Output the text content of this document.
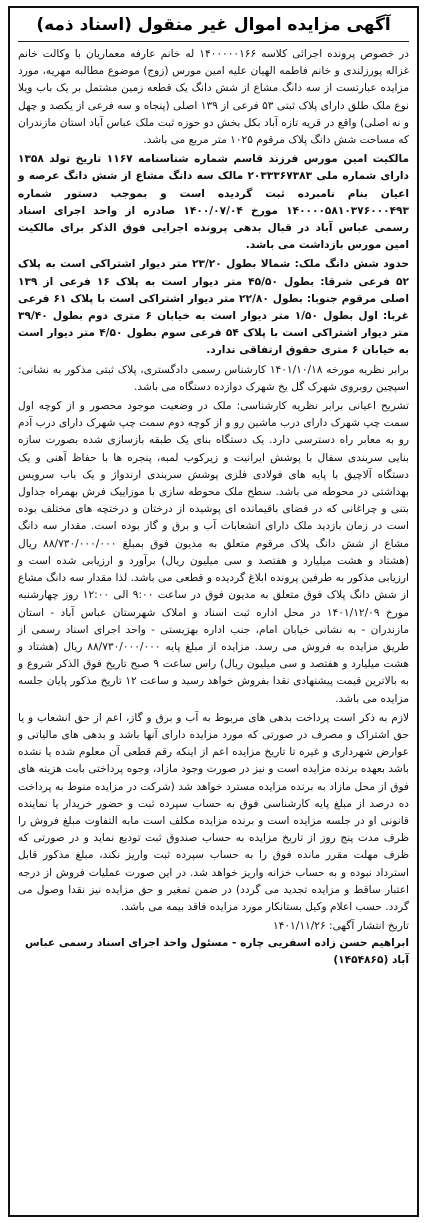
آگهی مزایده اموال غیر منقول (اسناد ذمه)

در خصوص پرونده اجرائی کلاسه ۱۴۰۰۰۰۰۱۶۶ له خانم عارفه معماریان با وکالت خانم غزاله پورزلندی و خانم فاطمه الهیان علیه امین مورس (زوج) موضوع مطالبه مهریه، مورد مزایده عبارتست از سه دانگ مشاع از شش دانگ یک قطعه زمین مشتمل بر یک باب ویلا نوع ملک طلق دارای پلاک ثبتی ۵۳ فرعی از ۱۳۹ اصلی (پنجاه و سه فرعی از یکصد و چهل و نه اصلی) واقع در قریه تازه آباد بکل بخش دو حوزه ثبت ملک عباس آباد استان مازندران که مساحت شش دانگ پلاک مرقوم ۱۰۲۵ متر مربع می باشد.

مالکیت امین مورس فرزند قاسم شماره شناسنامه ۱۱۶۷ تاریخ تولد ۱۳۵۸ دارای شماره ملی ۲۰۳۳۳۶۷۳۸۳ مالک سه دانگ مشاع از شش دانگ عرصه و اعیان بنام نامبرده ثبت گردیده است و بموجب دستور شماره ۱۴۰۰۰۰۵۸۱۰۳۷۶۰۰۰۴۹۳ مورخ ۱۴۰۰/۰۷/۰۴ صادره از واحد اجرای اسناد رسمی عباس آباد در قبال بدهی پرونده اجرایی فوق الذکر برای مالکیت امین مورس بازداشت می باشد.

حدود شش دانگ ملک: شمالا بطول ۲۳/۲۰ متر دیوار اشتراکی است به پلاک ۵۲ فرعی شرقا: بطول ۴۵/۵۰ متر دیوار است به پلاک ۱۶ فرعی از ۱۳۹ اصلی مرقوم جنوبا: بطول ۲۲/۸۰ متر دیوار اشتراکی است با پلاک ۶۱ فرعی غربا: اول بطول ۱/۵۰ متر دیوار است به خیابان ۶ متری دوم بطول ۳۹/۴۰ متر دیوار اشتراکی است با پلاک ۵۴ فرعی سوم بطول ۴/۵۰ متر دیوار است به خیابان ۶ متری حقوق ارتفاقی ندارد.

برابر نظریه مورخه ۱۴۰۱/۱۰/۱۸ کارشناس رسمی دادگستری، پلاک ثبتی مذکور به نشانی: اسپچین روبروی شهرک گل یخ شهرک دوازده دستگاه می باشد.

تشریح اعیانی برابر نظریه کارشناسی: ملک در وضعیت موجود محصور و از کوچه اول سمت چپ شهرک دارای درب ماشین رو و از کوچه دوم سمت چپ شهرک دارای درب آدم رو به معابر راه دسترسی دارد. یک دستگاه بنای یک طبقه بازسازی شده بصورت سازه بنایی سربندی سفال با پوشش ایرانیت و زیرکوب لمبه، پنجره ها با حفاظ آهنی و یک دستگاه آلاچیق با پایه های فولادی فلزی پوشش سربندی ارندواژ و یک باب سرویس بهداشتی در محوطه می باشد. سطح ملک محوطه سازی با موزاییک فرش بهمراه جداول بتنی و چراغانی که در فضای باقیمانده ای پوشیده از درختان و درختچه های مختلف بوده است در زمان بازدید ملک دارای انشعابات آب و برق و گاز بوده است. مقدار سه دانگ مشاع از شش دانگ پلاک مرقوم متعلق به مدیون فوق بمبلغ ۸۸/۷۳۰/۰۰۰/۰۰۰ ریال (هشتاد و هشت میلیارد و هفتصد و سی میلیون ریال) برآورد و ارزیابی شده است و ارزیابی مذکور به طرفین پرونده ابلاغ گردیده و قطعی می باشد. لذا مقدار سه دانگ مشاع از شش دانگ پلاک فوق متعلق به مدیون فوق در ساعت ۹:۰۰ الی ۱۲:۰۰ روز چهارشنبه مورخ ۱۴۰۱/۱۲/۰۹ در محل اداره ثبت اسناد و املاک شهرستان عباس آباد - استان مازندران - به نشانی خیابان امام، جنب اداره بهزیستی - واحد اجرای اسناد رسمی از طریق مزایده به فروش می رسد. مزایده از مبلغ پایه ۸۸/۷۳۰/۰۰۰/۰۰۰ ریال (هشتاد و هشت میلیارد و هفتصد و سی میلیون ریال) راس ساعت ۹ صبح تاریخ فوق الذکر شروع و به بالاترین قیمت پیشنهادی نقدا بفروش خواهد رسید و ساعت ۱۲ تاریخ مذکور پایان جلسه مزایده می باشد.

لازم به ذکر است پرداخت بدهی های مربوط به آب و برق و گاز، اعم از حق انشعاب و یا حق اشتراک و مصرف در صورتی که مورد مزایده دارای آنها باشد و بدهی های مالیاتی و عوارض شهرداری و غیره تا تاریخ مزایده اعم از اینکه رقم قطعی آن معلوم شده یا نشده باشد بعهده برنده مزایده است و نیز در صورت وجود مازاد، وجوه پرداختی بابت هزینه های فوق از محل مازاد به برنده مزایده مسترد خواهد شد (شرکت در مزایده منوط به پرداخت ده درصد از مبلغ پایه کارشناسی فوق به حساب سپرده ثبت و حضور خریدار یا نماینده قانونی او در جلسه مزایده است و برنده مزایده مکلف است مابه التفاوت مبلغ فروش را ظرف مدت پنج روز از تاریخ مزایده به حساب صندوق ثبت تودیع نماید و در صورتی که ظرف مهلت مقرر مانده فوق را به حساب سپرده ثبت واریز نکند، مبلغ مذکور قابل استرداد نبوده و به حساب خزانه واریز خواهد شد. در این صورت عملیات فروش از درجه اعتبار ساقط و مزایده تجدید می گردد) در ضمن تمغیر و حق مزایده نیز نقدا وصول می گردد. حسب اعلام وکیل بستانکار مورد مزایده فاقد بیمه می باشد.

تاریخ انتشار آگهی: ۱۴۰۱/۱۱/۲۶
ابراهیم حسن زاده اسفریی چاره - مسئول واحد اجرای اسناد رسمی عباس آباد (۱۴۵۴۸۶۵)
